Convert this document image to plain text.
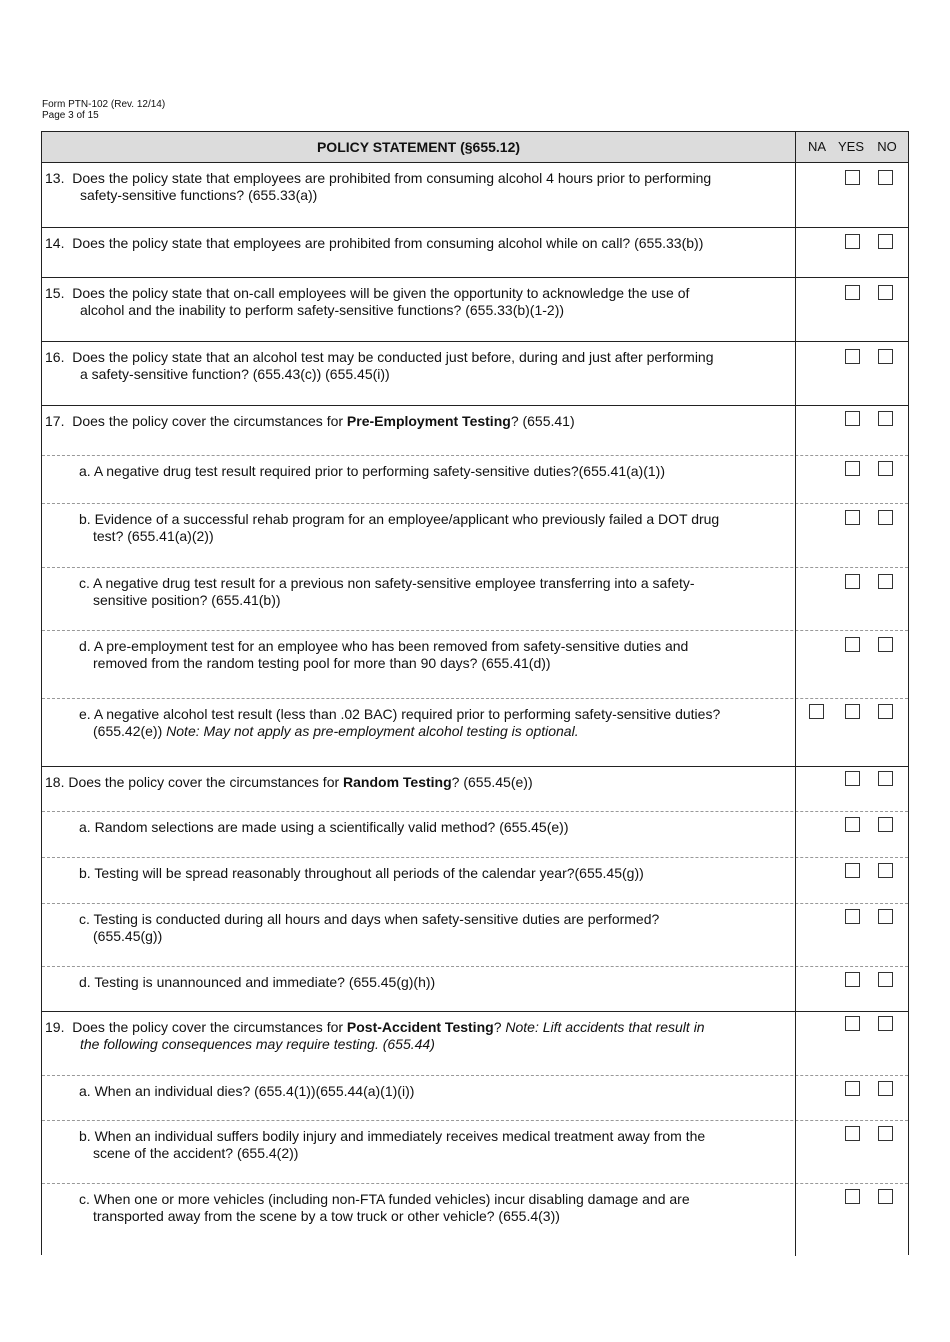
Form PTN-102 (Rev. 12/14)
Page 3 of 15
POLICY STATEMENT (§655.12)	NA YES	NO
13. Does the policy state that employees are prohibited from consuming alcohol 4 hours prior to performing
safety-sensitive functions? (655.33(a))
14. Does the policy state that employees are prohibited from consuming alcohol while on call? (655.33(b))
15. Does the policy state that on-call employees will be given the opportunity to acknowledge the use of
alcohol and the inability to perform safety-sensitive functions? (655.33(b)(1-2))
16. Does the policy state that an alcohol test may be conducted just before, during and just after performing
a safety-sensitive function? (655.43(c)) (655.45(i))
17. Does the policy cover the circumstances for Pre-Employment Testing? (655.41)
a. A negative drug test result required prior to performing safety-sensitive duties?(655.41(a)(1))
b. Evidence of a successful rehab program for an employee/applicant who previously failed a DOT drug
test? (655.41(a)(2))
c. A negative drug test result for a previous non safety-sensitive employee transferring into a safety-
sensitive position? (655.41(b))
d. A pre-employment test for an employee who has been removed from safety-sensitive duties and
removed from the random testing pool for more than 90 days? (655.41(d))
e. A negative alcohol test result (less than .02 BAC) required prior to performing safety-sensitive duties?
(655.42(e)) Note: May not apply as pre-employment alcohol testing is optional.
18. Does the policy cover the circumstances for Random Testing? (655.45(e))
a. Random selections are made using a scientifically valid method? (655.45(e))
b. Testing will be spread reasonably throughout all periods of the calendar year?(655.45(g))
c. Testing is conducted during all hours and days when safety-sensitive duties are performed?
(655.45(g))
d. Testing is unannounced and immediate? (655.45(g)(h))
19. Does the policy cover the circumstances for Post-Accident Testing? Note: Lift accidents that result in
the following consequences may require testing. (655.44)
a. When an individual dies? (655.4(1))(655.44(a)(1)(i))
b. When an individual suffers bodily injury and immediately receives medical treatment away from the
scene of the accident? (655.4(2))
c. When one or more vehicles (including non-FTA funded vehicles) incur disabling damage and are
transported away from the scene by a tow truck or other vehicle? (655.4(3))
